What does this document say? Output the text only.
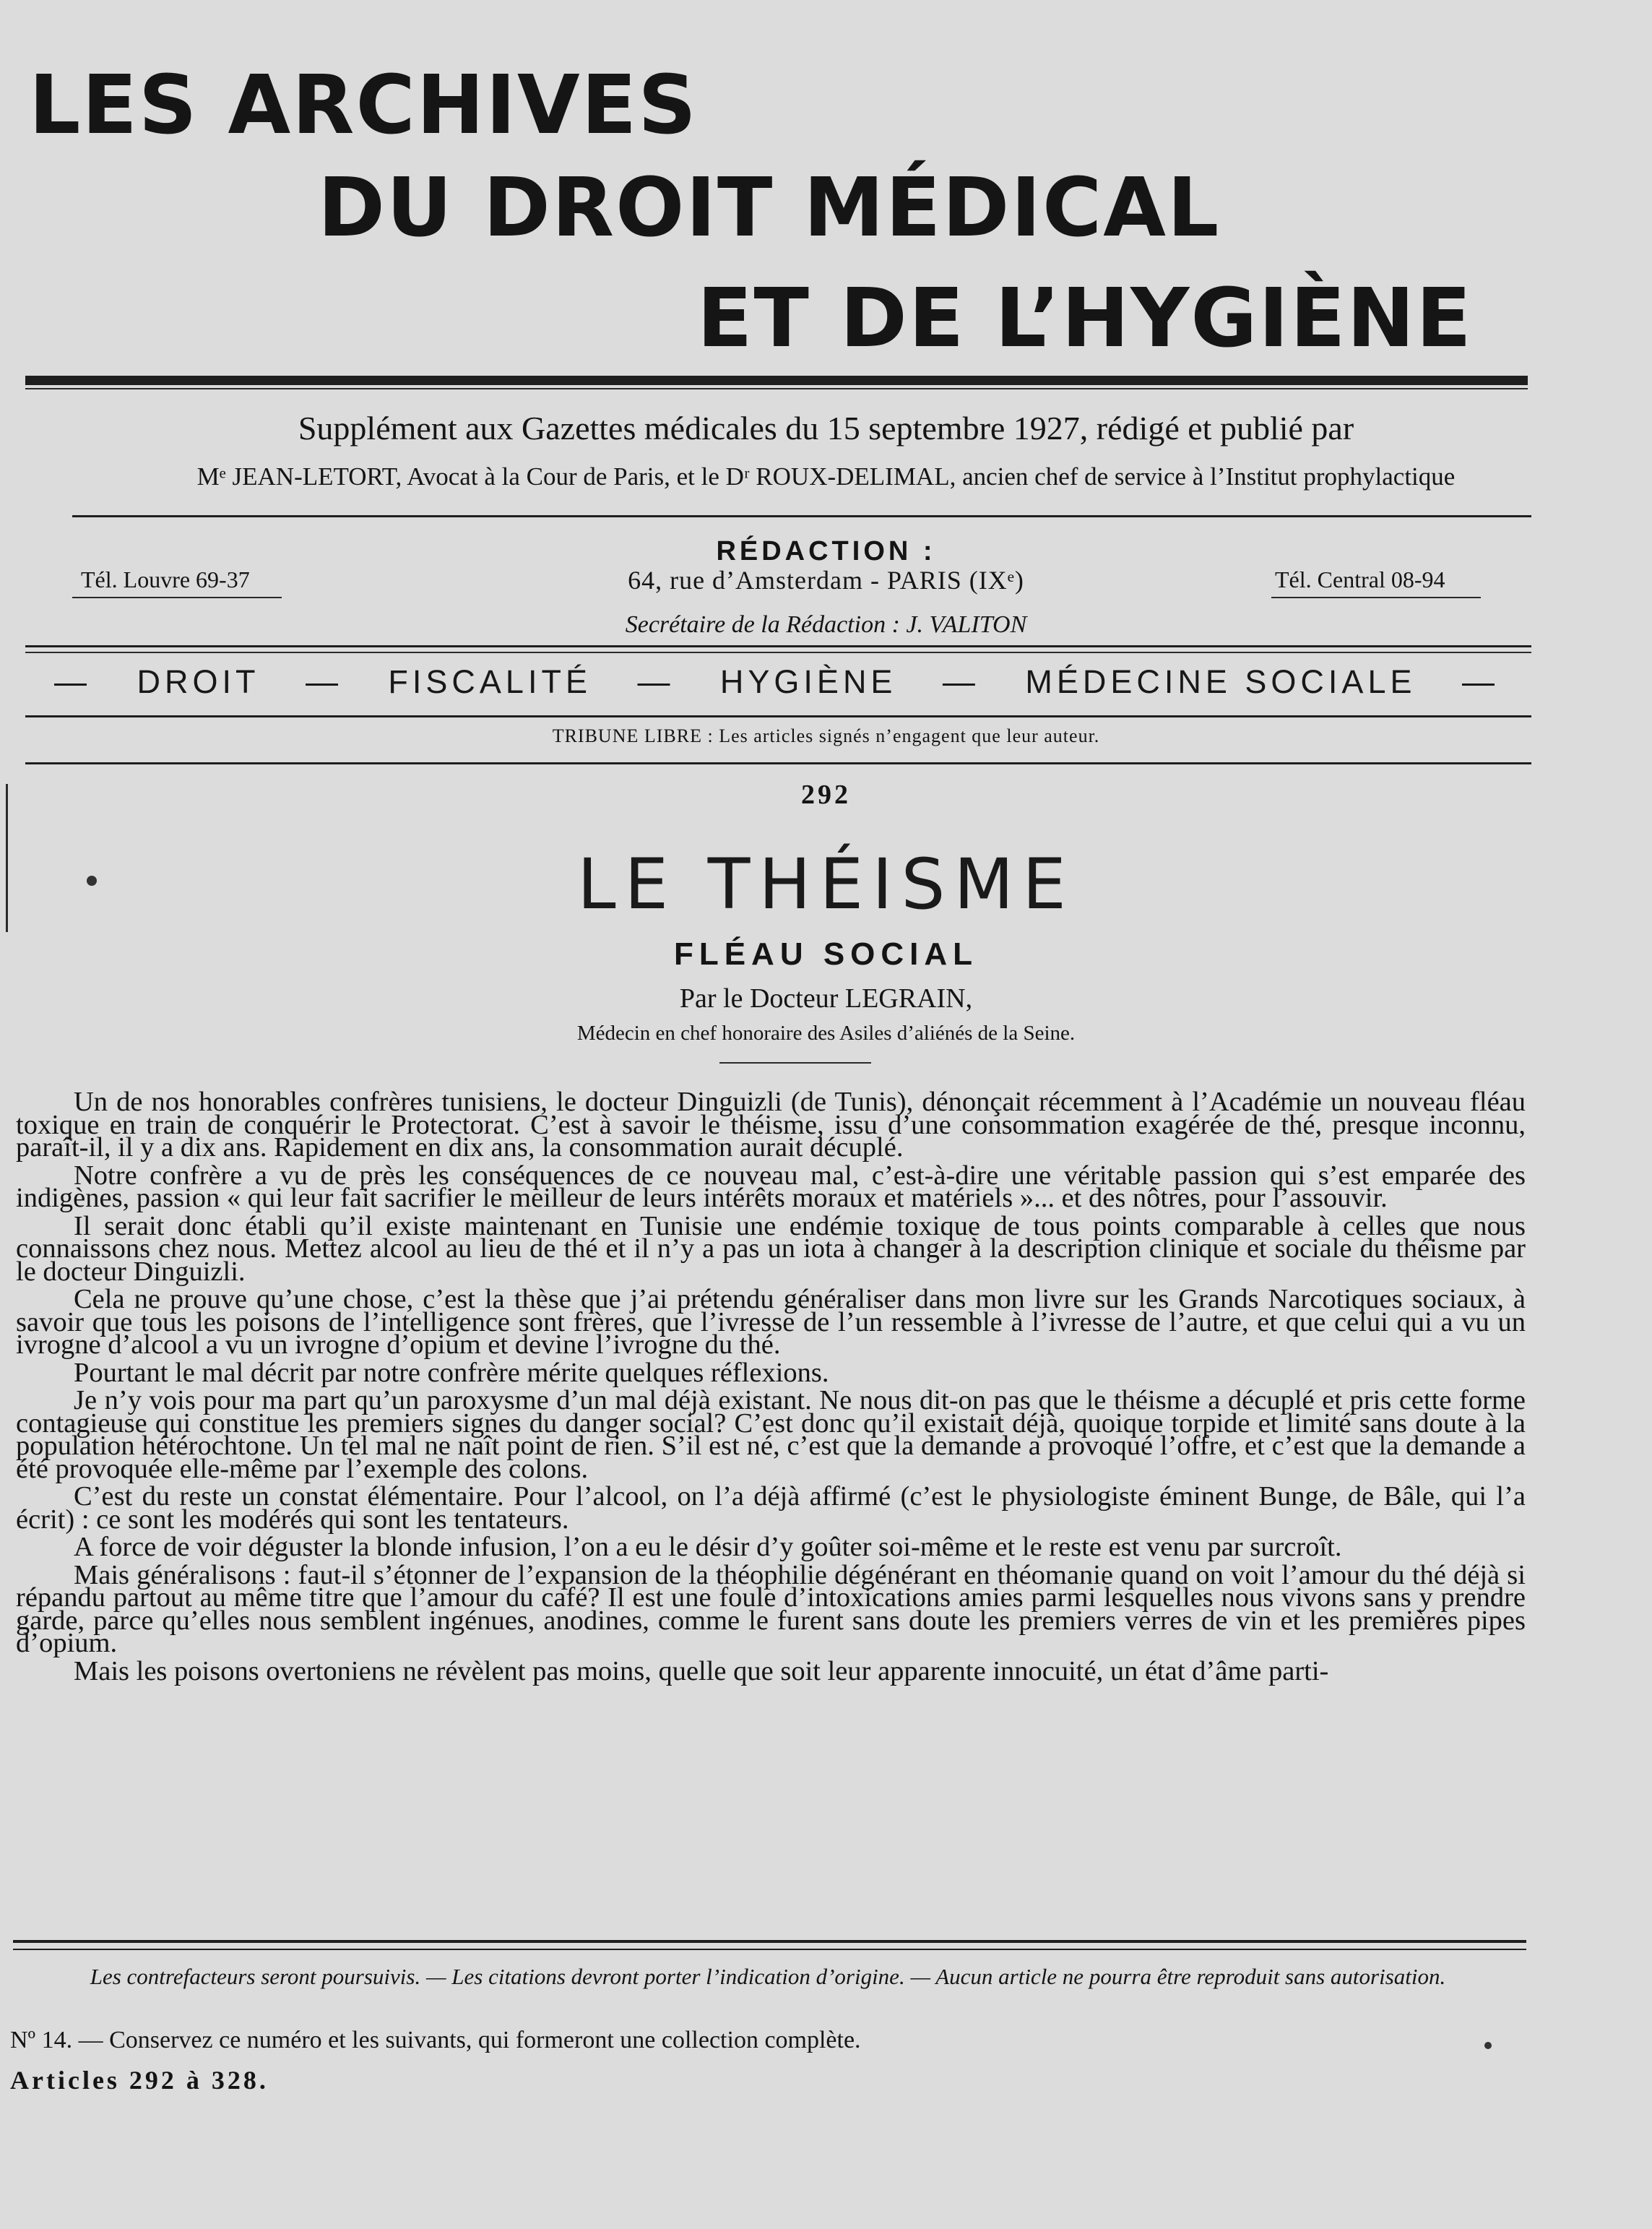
LES ARCHIVES
DU DROIT MÉDICAL
ET DE L’HYGIÈNE
Supplément aux Gazettes médicales du 15 septembre 1927, rédigé et publié par
Mᵉ JEAN-LETORT, Avocat à la Cour de Paris, et le Dʳ ROUX-DELIMAL, ancien chef de service à l’Institut prophylactique
RÉDACTION :
Tél. Louvre 69-37	64, rue d’Amsterdam - PARIS (IXᵉ)	Tél. Central 08-94
Secrétaire de la Rédaction : J. VALITON
— DROIT — FISCALITÉ — HYGIÈNE — MÉDECINE SOCIALE —
TRIBUNE LIBRE : Les articles signés n’engagent que leur auteur.
292
LE THÉISME
FLÉAU SOCIAL
Par le Docteur LEGRAIN,
Médecin en chef honoraire des Asiles d’aliénés de la Seine.

Un de nos honorables confrères tunisiens, le docteur Dinguizli (de Tunis), dénonçait récemment à l’Académie un nouveau fléau toxique en train de conquérir le Protectorat. C’est à savoir le théisme, issu d’une consommation exagérée de thé, presque inconnu, paraît-il, il y a dix ans. Rapidement en dix ans, la consommation aurait décuplé.

Notre confrère a vu de près les conséquences de ce nouveau mal, c’est-à-dire une véritable passion qui s’est emparée des indigènes, passion « qui leur fait sacrifier le meilleur de leurs intérêts moraux et matériels »... et des nôtres, pour l’assouvir.

Il serait donc établi qu’il existe maintenant en Tunisie une endémie toxique de tous points comparable à celles que nous connaissons chez nous. Mettez alcool au lieu de thé et il n’y a pas un iota à changer à la description clinique et sociale du théisme par le docteur Dinguizli.

Cela ne prouve qu’une chose, c’est la thèse que j’ai prétendu généraliser dans mon livre sur les Grands Narcotiques sociaux, à savoir que tous les poisons de l’intelligence sont frères, que l’ivresse de l’un ressemble à l’ivresse de l’autre, et que celui qui a vu un ivrogne d’alcool a vu un ivrogne d’opium et devine l’ivrogne du thé.

Pourtant le mal décrit par notre confrère mérite quelques réflexions.

Je n’y vois pour ma part qu’un paroxysme d’un mal déjà existant. Ne nous dit-on pas que le théisme a décuplé et pris cette forme contagieuse qui constitue les premiers signes du danger social? C’est donc qu’il existait déjà, quoique torpide et limité sans doute à la population hétérochtone. Un tel mal ne naît point de rien. S’il est né, c’est que la demande a provoqué l’offre, et c’est que la demande a été provoquée elle-même par l’exemple des colons.

C’est du reste un constat élémentaire. Pour l’alcool, on l’a déjà affirmé (c’est le physiologiste éminent Bunge, de Bâle, qui l’a écrit) : ce sont les modérés qui sont les tentateurs.

A force de voir déguster la blonde infusion, l’on a eu le désir d’y goûter soi-même et le reste est venu par surcroît.

Mais généralisons : faut-il s’étonner de l’expansion de la théophilie dégénérant en théomanie quand on voit l’amour du thé déjà si répandu partout au même titre que l’amour du café? Il est une foule d’intoxications amies parmi lesquelles nous vivons sans y prendre garde, parce qu’elles nous semblent ingénues, anodines, comme le furent sans doute les premiers verres de vin et les premières pipes d’opium.

Mais les poisons overtoniens ne révèlent pas moins, quelle que soit leur apparente innocuité, un état d’âme parti-

Les contrefacteurs seront poursuivis. — Les citations devront porter l’indication d’origine. — Aucun article ne pourra être reproduit sans autorisation.
Nº 14. — Conservez ce numéro et les suivants, qui formeront une collection complète.
Articles 292 à 328.
